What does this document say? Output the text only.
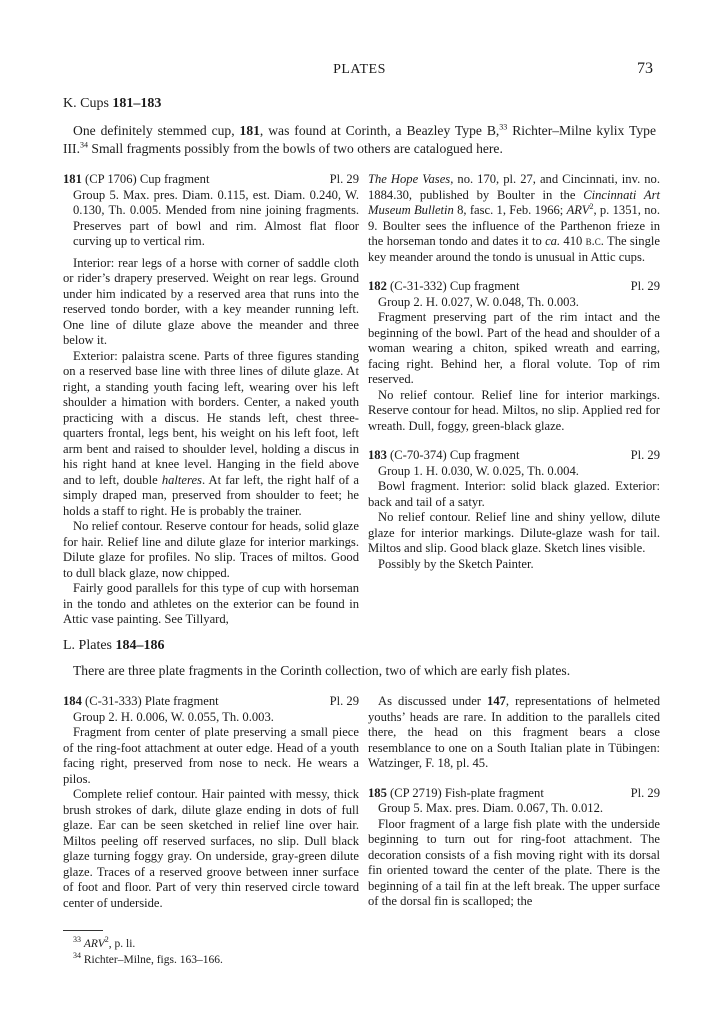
PLATES	73
K. Cups 181–183
One definitely stemmed cup, 181, was found at Corinth, a Beazley Type B,$^{33}$ Richter–Milne kylix Type III.$^{34}$ Small fragments possibly from the bowls of two others are catalogued here.
181 (CP 1706) Cup fragment	Pl. 29

Group 5. Max. pres. Diam. 0.115, est. Diam. 0.240, W. 0.130, Th. 0.005. Mended from nine joining fragments. Preserves part of bowl and rim. Almost flat floor curving up to vertical rim.

Interior: rear legs of a horse with corner of saddle cloth or rider’s drapery preserved. Weight on rear legs. Ground under him indicated by a reserved area that runs into the reserved tondo border, with a key meander running left. One line of dilute glaze above the meander and three below it.

Exterior: palaistra scene. Parts of three figures standing on a reserved base line with three lines of dilute glaze. At right, a standing youth facing left, wearing over his left shoulder a himation with borders. Center, a naked youth practicing with a discus. He stands left, chest three-quarters frontal, legs bent, his weight on his left foot, left arm bent and raised to shoulder level, holding a discus in his right hand at knee level. Hanging in the field above and to left, double halteres. At far left, the right half of a simply draped man, preserved from shoulder to feet; he holds a staff to right. He is probably the trainer.

No relief contour. Reserve contour for heads, solid glaze for hair. Relief line and dilute glaze for interior markings. Dilute glaze for profiles. No slip. Traces of miltos. Good to dull black glaze, now chipped.

Fairly good parallels for this type of cup with horseman in the tondo and athletes on the exterior can be found in Attic vase painting. See Tillyard,

The Hope Vases, no. 170, pl. 27, and Cincinnati, inv. no. 1884.30, published by Boulter in the Cincinnati Art Museum Bulletin 8, fasc. 1, Feb. 1966; ARV$^2$, p. 1351, no. 9. Boulter sees the influence of the Parthenon frieze in the horseman tondo and dates it to ca. 410 b.c. The single key meander around the tondo is unusual in Attic cups.

182 (C-31-332) Cup fragment	Pl. 29

Group 2. H. 0.027, W. 0.048, Th. 0.003.

Fragment preserving part of the rim intact and the beginning of the bowl. Part of the head and shoulder of a woman wearing a chiton, spiked wreath and earring, facing right. Behind her, a floral volute. Top of rim reserved.

No relief contour. Relief line for interior markings. Reserve contour for head. Miltos, no slip. Applied red for wreath. Dull, foggy, green-black glaze.

183 (C-70-374) Cup fragment	Pl. 29

Group 1. H. 0.030, W. 0.025, Th. 0.004.

Bowl fragment. Interior: solid black glazed. Exterior: back and tail of a satyr.

No relief contour. Relief line and shiny yellow, dilute glaze for interior markings. Dilute-glaze wash for tail. Miltos and slip. Good black glaze. Sketch lines visible.

Possibly by the Sketch Painter.

L. Plates 184–186
There are three plate fragments in the Corinth collection, two of which are early fish plates.
184 (C-31-333) Plate fragment	Pl. 29

Group 2. H. 0.006, W. 0.055, Th. 0.003.

Fragment from center of plate preserving a small piece of the ring-foot attachment at outer edge. Head of a youth facing right, preserved from nose to neck. He wears a pilos.

Complete relief contour. Hair painted with messy, thick brush strokes of dark, dilute glaze ending in dots of full glaze. Ear can be seen sketched in relief line over hair. Miltos peeling off reserved surfaces, no slip. Dull black glaze turning foggy gray. On underside, gray-green dilute glaze. Traces of a reserved groove between inner surface of foot and floor. Part of very thin reserved circle toward center of underside.

As discussed under 147, representations of helmeted youths’ heads are rare. In addition to the parallels cited there, the head on this fragment bears a close resemblance to one on a South Italian plate in Tübingen: Watzinger, F. 18, pl. 45.

185 (CP 2719) Fish-plate fragment	Pl. 29

Group 5. Max. pres. Diam. 0.067, Th. 0.012.

Floor fragment of a large fish plate with the underside beginning to turn out for ring-foot attachment. The decoration consists of a fish moving right with its dorsal fin oriented toward the center of the plate. There is the beginning of a tail fin at the left break. The upper surface of the dorsal fin is scalloped; the

$^{33}$ ARV$^2$, p. li.
$^{34}$ Richter–Milne, figs. 163–166.
